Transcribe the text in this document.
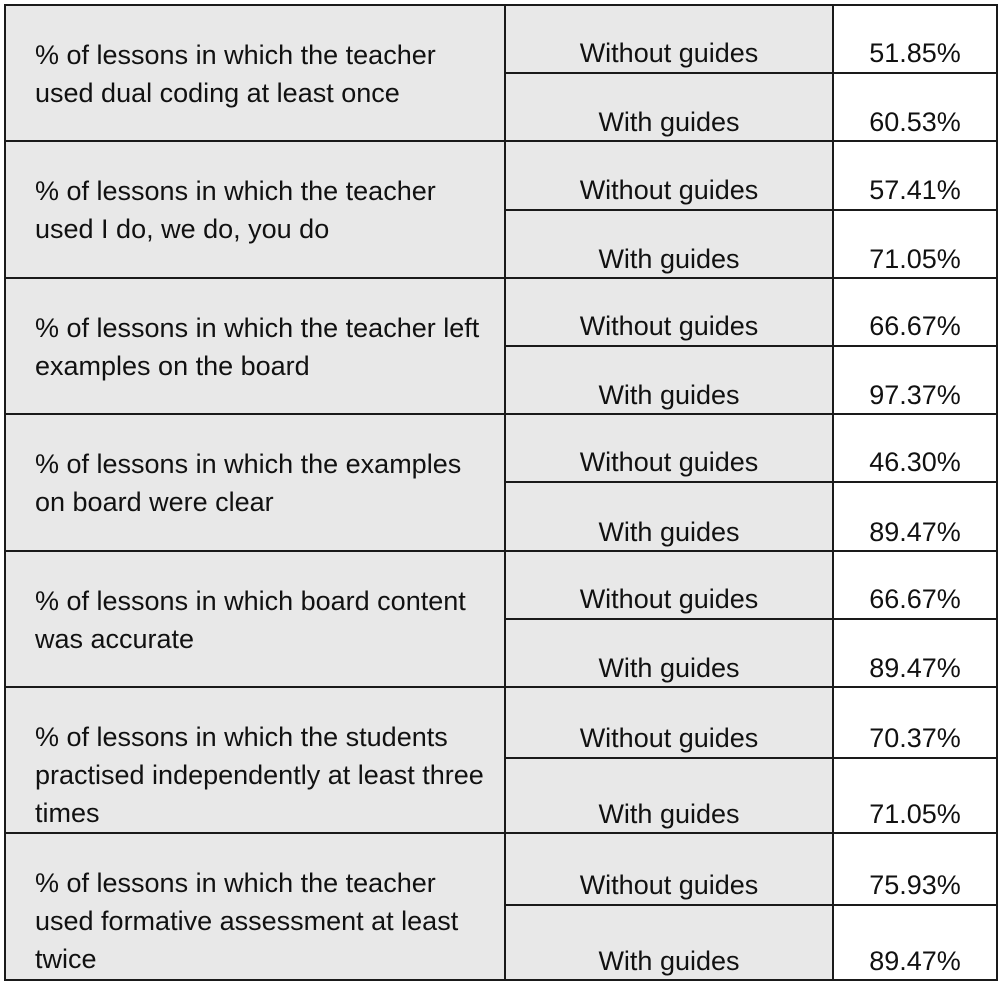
% of lessons in which the teacher used dual coding at least once	Without guides	51.85%
	With guides	60.53%
% of lessons in which the teacher used I do, we do, you do	Without guides	57.41%
	With guides	71.05%
% of lessons in which the teacher left examples on the board	Without guides	66.67%
	With guides	97.37%
% of lessons in which the examples on board were clear	Without guides	46.30%
	With guides	89.47%
% of lessons in which board content was accurate	Without guides	66.67%
	With guides	89.47%
% of lessons in which the students practised independently at least three times	Without guides	70.37%
	With guides	71.05%
% of lessons in which the teacher used formative assessment at least twice	Without guides	75.93%
	With guides	89.47%
